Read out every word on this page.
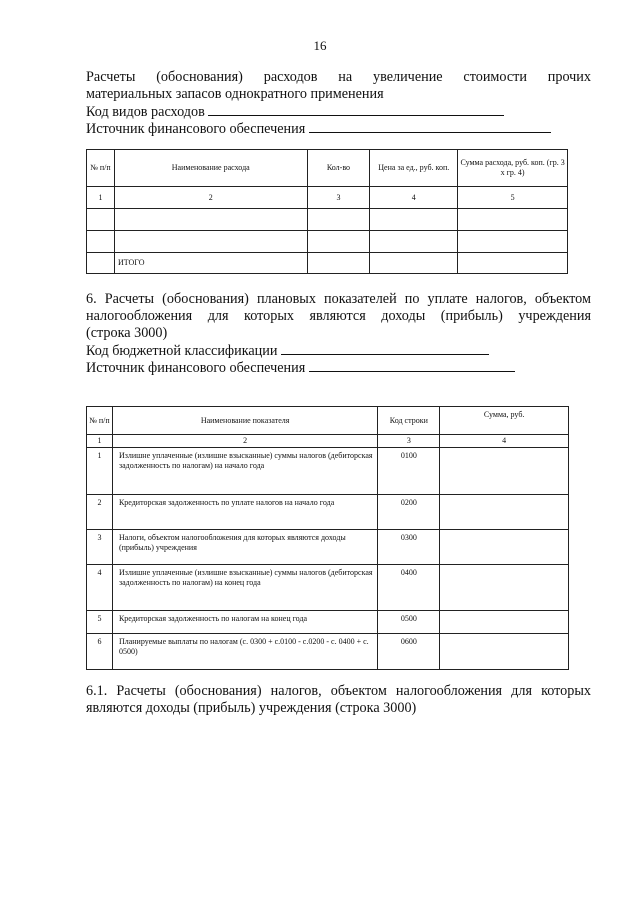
16
Расчеты (обоснования) расходов на увеличение стоимости прочих
материальных запасов однократного применения
Код видов расходов
Источник финансового обеспечения
№ п/п	Наименование расхода	Кол-во	Цена за ед., руб. коп.	Сумма расхода, руб. коп. (гр. 3 х гр. 4)
1	2	3	4	5

	ИТОГО			
6. Расчеты (обоснования) плановых показателей по уплате налогов, объектом
налогообложения для которых являются доходы (прибыль) учреждения
(строка 3000)
Код бюджетной классификации
Источник финансового обеспечения
№ п/п	Наименование показателя	Код строки	Сумма, руб.
1	2	3	4
1	Излишне уплаченные (излишне взысканные) суммы налогов (дебиторская задолженность по налогам) на начало года	0100	
2	Кредиторская задолженность по уплате налогов на начало года	0200	
3	Налоги, объектом налогообложения для которых являются доходы (прибыль) учреждения	0300	
4	Излишне уплаченные (излишне взысканные) суммы налогов (дебиторская задолженность по налогам) на конец года	0400	
5	Кредиторская задолженность по налогам на конец года	0500	
6	Планируемые выплаты по налогам (с. 0300 + с.0100 - с.0200 - с. 0400 + с. 0500)	0600	
6.1. Расчеты (обоснования) налогов, объектом налогообложения для которых
являются доходы (прибыль) учреждения (строка 3000)
